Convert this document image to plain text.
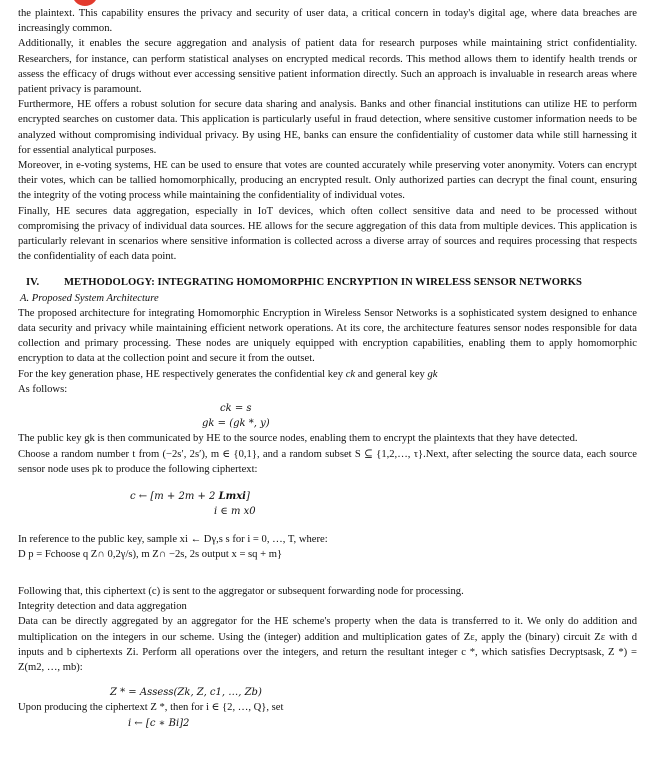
the plaintext. This capability ensures the privacy and security of user data, a critical concern in today's digital age, where data breaches are increasingly common.

Additionally, it enables the secure aggregation and analysis of patient data for research purposes while maintaining strict confidentiality. Researchers, for instance, can perform statistical analyses on encrypted medical records. This method allows them to identify health trends or assess the efficacy of drugs without ever accessing sensitive patient information directly. Such an approach is invaluable in research areas where patient privacy is paramount.

Furthermore, HE offers a robust solution for secure data sharing and analysis. Banks and other financial institutions can utilize HE to perform encrypted searches on customer data. This application is particularly useful in fraud detection, where sensitive customer information needs to be analyzed without compromising individual privacy. By using HE, banks can ensure the confidentiality of customer data while still harnessing it for essential analytical purposes.

Moreover, in e-voting systems, HE can be used to ensure that votes are counted accurately while preserving voter anonymity. Voters can encrypt their votes, which can be tallied homomorphically, producing an encrypted result. Only authorized parties can decrypt the final count, ensuring the integrity of the voting process while maintaining the confidentiality of individual votes.

Finally, HE secures data aggregation, especially in IoT devices, which often collect sensitive data and need to be processed without compromising the privacy of individual data sources. HE allows for the secure aggregation of this data from multiple devices. This application is particularly relevant in scenarios where sensitive information is collected across a diverse array of sources and requires processing that respects the confidentiality of each data point.

IV. METHODOLOGY: INTEGRATING HOMOMORPHIC ENCRYPTION IN WIRELESS SENSOR NETWORKS

A. Proposed System Architecture

The proposed architecture for integrating Homomorphic Encryption in Wireless Sensor Networks is a sophisticated system designed to enhance data security and privacy while maintaining efficient network operations. At its core, the architecture features sensor nodes responsible for data collection and primary processing. These nodes are uniquely equipped with encryption capabilities, enabling them to apply homomorphic encryption to data at the collection point and secure it from the outset.

For the key generation phase, HE respectively generates the confidential key ck and general key gk

As follows:

ck = s
gk = (gk *, y)

The public key gk is then communicated by HE to the source nodes, enabling them to encrypt the plaintexts that they have detected.

Choose a random number t from (−2s′, 2s′), m ∈ {0,1}, and a random subset S ⊆ {1,2,…, τ}.Next, after selecting the source data, each source sensor node uses pk to produce the following ciphertext:

c ← [m + 2m + 2 Lmxi]
i ∈ m x0

In reference to the public key, sample xi ← Dγ,s s for i = 0, …, T, where:

D p = Fchoose q Z∩ 0,2γ/s), m Z∩ −2s, 2s output x = sq + m}

Following that, this ciphertext (c) is sent to the aggregator or subsequent forwarding node for processing.

Integrity detection and data aggregation

Data can be directly aggregated by an aggregator for the HE scheme's property when the data is transferred to it. We only do addition and multiplication on the integers in our scheme. Using the (integer) addition and multiplication gates of Zε, apply the (binary) circuit Zε with d inputs and b ciphertexts Zi. Perform all operations over the integers, and return the resultant integer c *, which satisfies Decryptsask, Z *) = Z(m2, …, mb):

Z * = Assess(Zk, Z, c1, …, Zb)

Upon producing the ciphertext Z *, then for i ∈ {2, …, Q}, set

i ← [c ∗ Bi]2
